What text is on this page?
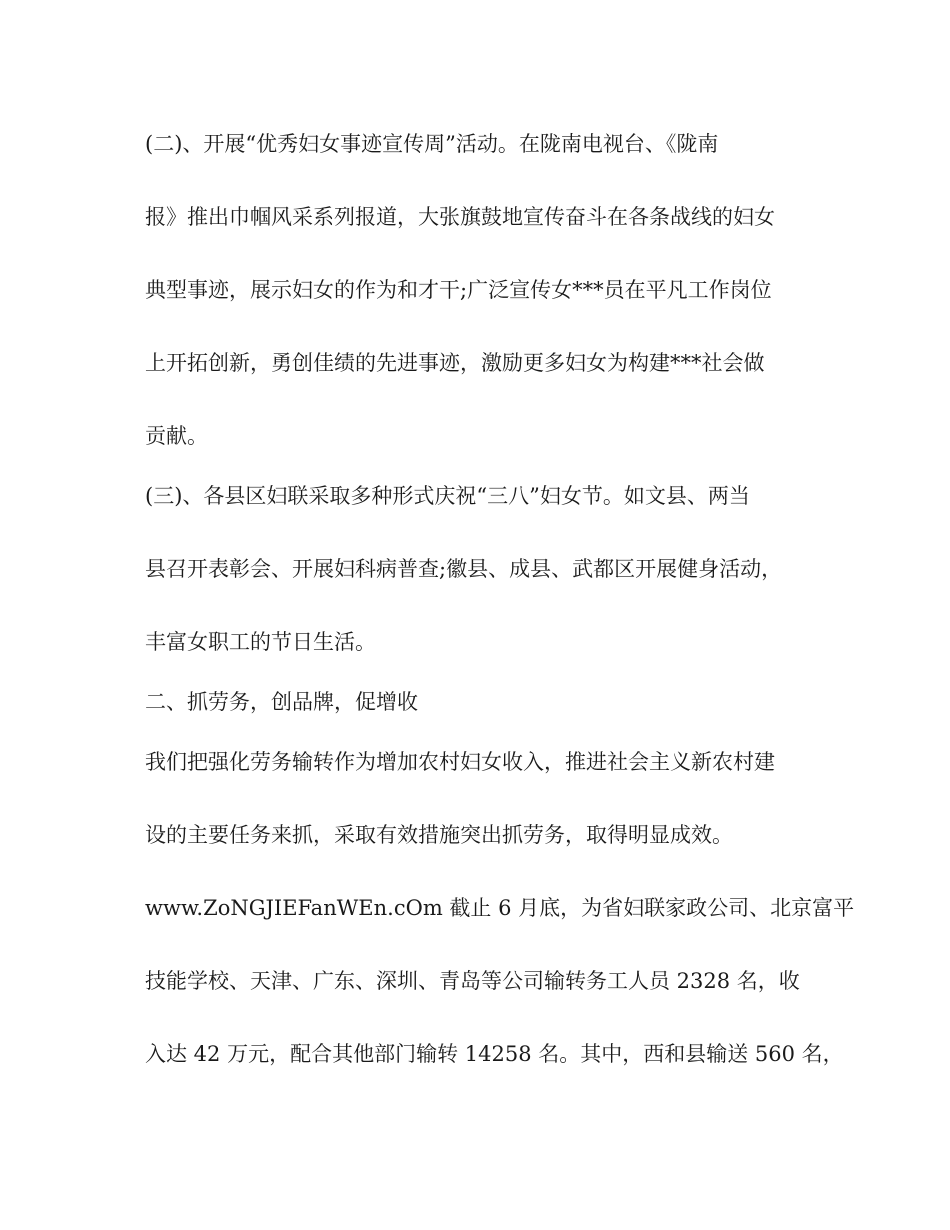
(二)、开展“优秀妇女事迹宣传周”活动。在陇南电视台、《陇南
报》推出巾帼风采系列报道，大张旗鼓地宣传奋斗在各条战线的妇女
典型事迹，展示妇女的作为和才干;广泛宣传女***员在平凡工作岗位
上开拓创新，勇创佳绩的先进事迹，激励更多妇女为构建***社会做
贡献。
(三)、各县区妇联采取多种形式庆祝“三八”妇女节。如文县、两当
县召开表彰会、开展妇科病普查;徽县、成县、武都区开展健身活动，
丰富女职工的节日生活。
二、抓劳务，创品牌，促增收
我们把强化劳务输转作为增加农村妇女收入，推进社会主义新农村建
设的主要任务来抓，采取有效措施突出抓劳务，取得明显成效。
www.ZoNGJIEFanWEn.cOm 截止 6 月底，为省妇联家政公司、北京富平
技能学校、天津、广东、深圳、青岛等公司输转务工人员 2328 名，收
入达 42 万元，配合其他部门输转 14258 名。其中，西和县输送 560 名，
